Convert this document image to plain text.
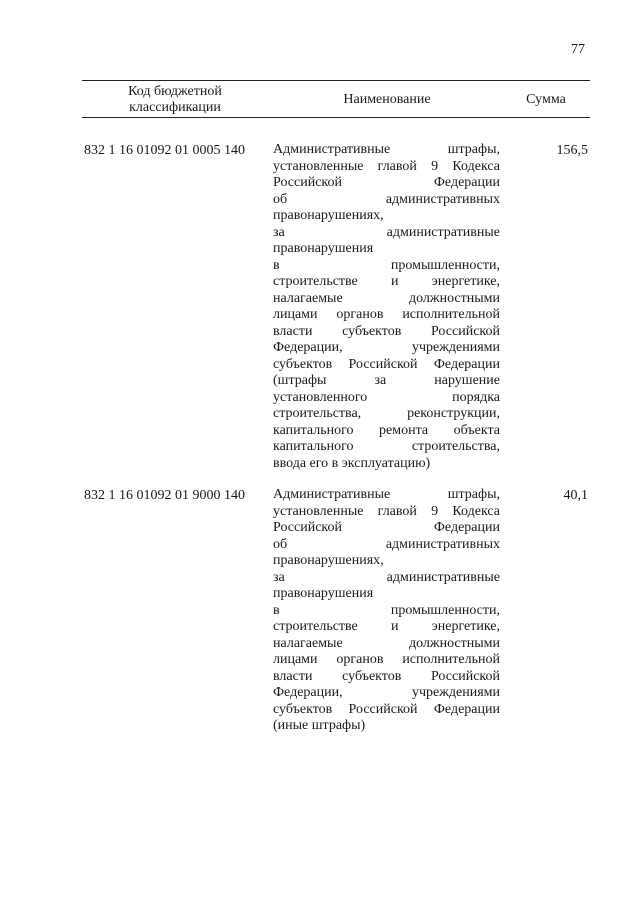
77
Код бюджетной классификации
Наименование	Сумма
832 1 16 01092 01 0005 140 Административные штрафы,
установленные главой 9 Кодекса
Российской Федерации
об административных
правонарушениях,
за административные
правонарушения
в промышленности,
строительстве и энергетике,
налагаемые должностными
лицами органов исполнительной
власти субъектов Российской
Федерации, учреждениями
субъектов Российской Федерации
(штрафы за нарушение
установленного порядка
строительства, реконструкции,
капитального ремонта объекта
капитального строительства,
ввода его в эксплуатацию)
156,5
832 1 16 01092 01 9000 140 Административные штрафы,
установленные главой 9 Кодекса
Российской Федерации
об административных
правонарушениях,
за административные
правонарушения
в промышленности,
строительстве и энергетике,
налагаемые должностными
лицами органов исполнительной
власти субъектов Российской
Федерации, учреждениями
субъектов Российской Федерации
(иные штрафы)
40,1
